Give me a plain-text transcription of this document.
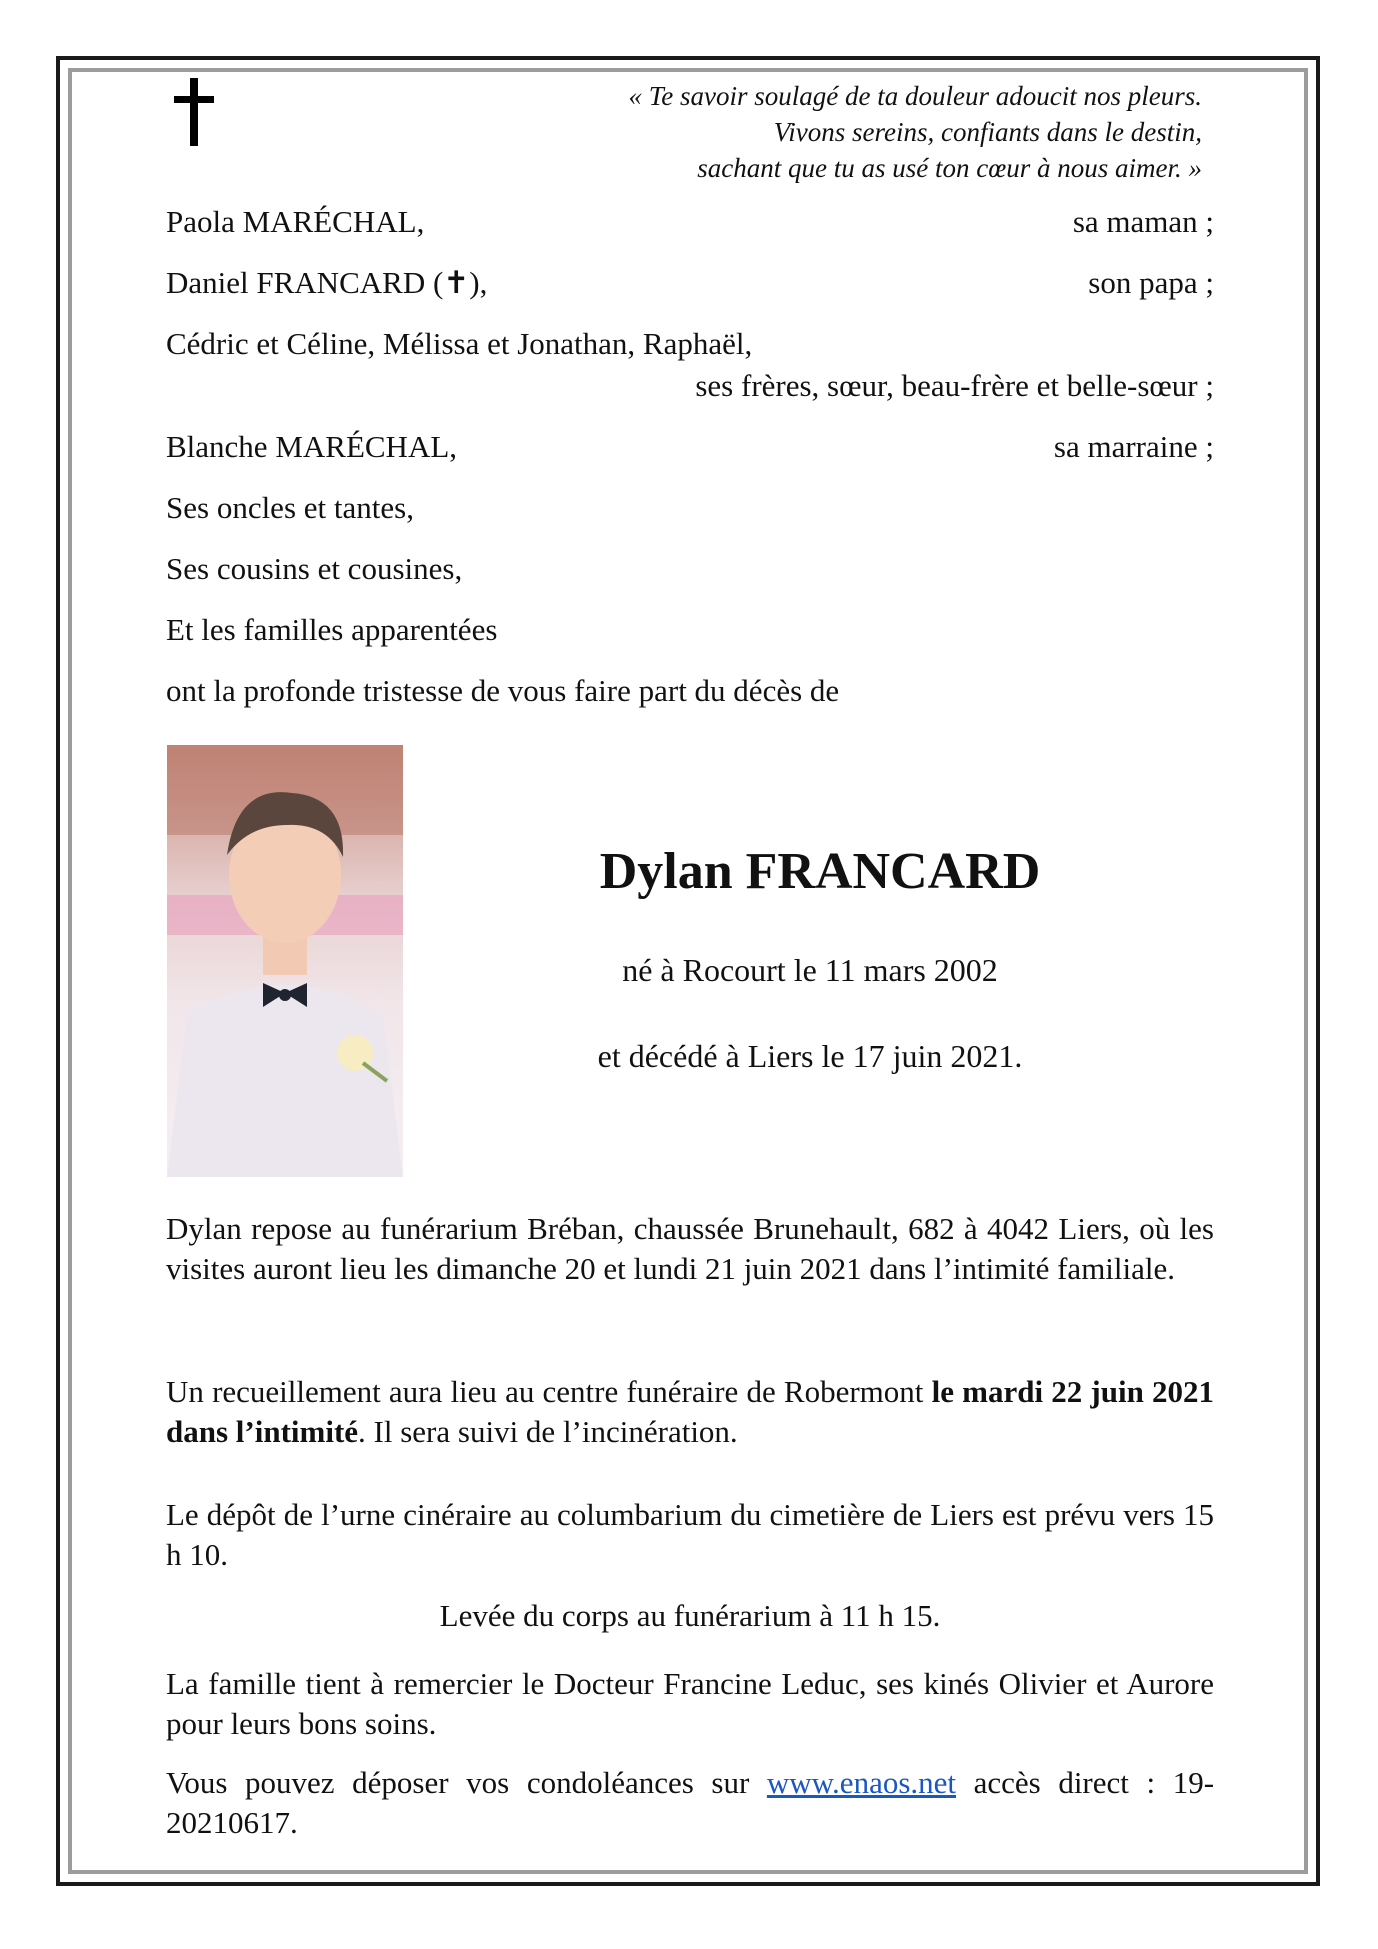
« Te savoir soulagé de ta douleur adoucit nos pleurs.
Vivons sereins, confiants dans le destin,
sachant que tu as usé ton cœur à nous aimer. »
Paola MARÉCHAL,	sa maman ;
Daniel FRANCARD (✝),	son papa ;
Cédric et Céline, Mélissa et Jonathan, Raphaël,
ses frères, sœur, beau-frère et belle-sœur ;
Blanche MARÉCHAL,	sa marraine ;
Ses oncles et tantes,
Ses cousins et cousines,
Et les familles apparentées
ont la profonde tristesse de vous faire part du décès de
Dylan FRANCARD
né à Rocourt le 11 mars 2002
et décédé à Liers le 17 juin 2021.

Dylan repose au funérarium Bréban, chaussée Brunehault, 682 à 4042 Liers, où les visites auront lieu les dimanche 20 et lundi 21 juin 2021 dans l’intimité familiale.

Un recueillement aura lieu au centre funéraire de Robermont le mardi 22 juin 2021 dans l’intimité. Il sera suivi de l’incinération.

Le dépôt de l’urne cinéraire au columbarium du cimetière de Liers est prévu vers 15 h 10.

Levée du corps au funérarium à 11 h 15.

La famille tient à remercier le Docteur Francine Leduc, ses kinés Olivier et Aurore pour leurs bons soins.

Vous pouvez déposer vos condoléances sur www.enaos.net accès direct : 19-20210617.
